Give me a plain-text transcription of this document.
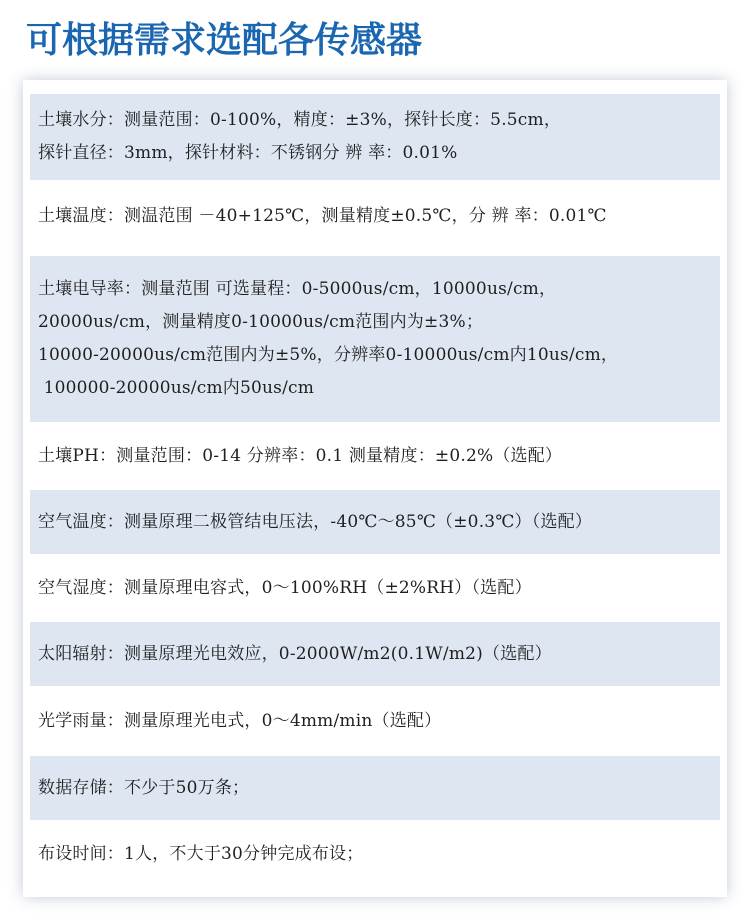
可根据需求选配各传感器
土壤水分：测量范围：0-100%，精度：±3%，探针长度：5.5cm，
探针直径：3mm，探针材料：不锈钢分 辨 率：0.01%
土壤温度：测温范围 －40+125℃，测量精度±0.5℃，分 辨 率：0.01℃
土壤电导率：测量范围 可选量程：0-5000us/cm，10000us/cm，
20000us/cm，测量精度0-10000us/cm范围内为±3%；
10000-20000us/cm范围内为±5%，分辨率0-10000us/cm内10us/cm，
100000-20000us/cm内50us/cm
土壤PH：测量范围：0-14 分辨率：0.1 测量精度：±0.2%（选配）
空气温度：测量原理二极管结电压法，-40℃～85℃（±0.3℃）（选配）
空气湿度：测量原理电容式，0～100%RH（±2%RH）（选配）
太阳辐射：测量原理光电效应，0-2000W/m2(0.1W/m2)（选配）
光学雨量：测量原理光电式，0～4mm/min（选配）
数据存储：不少于50万条；
布设时间：1人，不大于30分钟完成布设；
